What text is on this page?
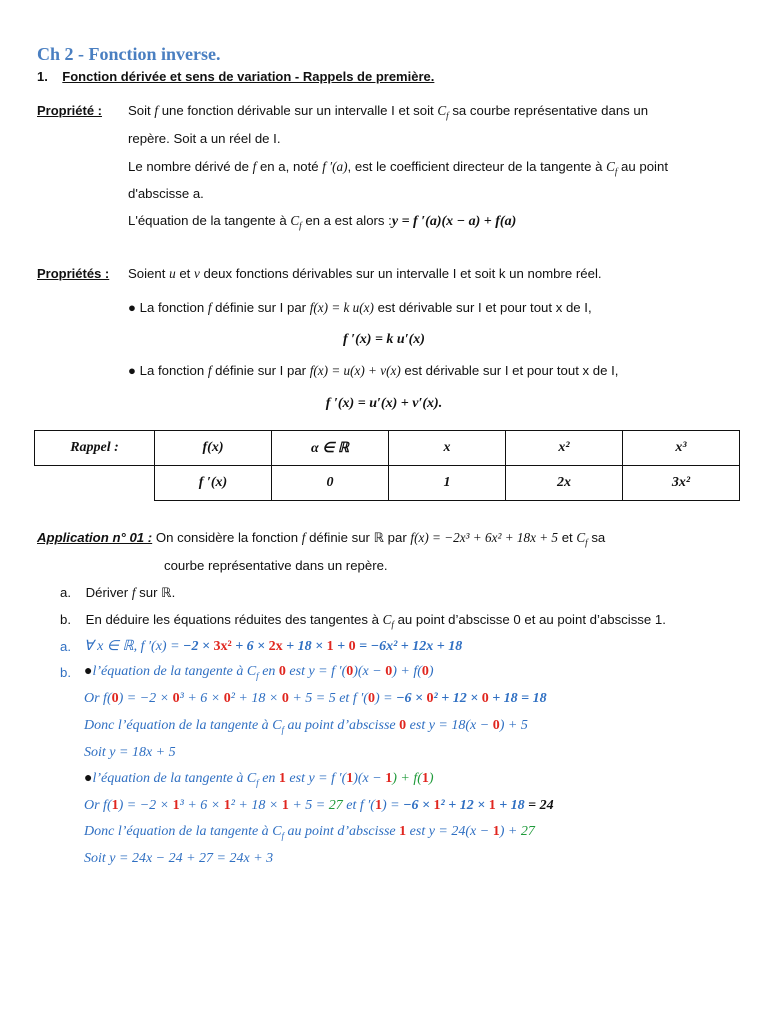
Ch 2 - Fonction inverse.
1. Fonction dérivée et sens de variation - Rappels de première.
Propriété : Soit f une fonction dérivable sur un intervalle I et soit $C_f$ sa courbe représentative dans un
repère. Soit a un réel de I.
Le nombre dérivé de f en a, noté f ′(a), est le coefficient directeur de la tangente à $C_f$ au point
d'abscisse a.
L'équation de la tangente à $C_f$ en a est alors :y = f ′(a)(x − a) + f(a)
Propriétés : Soient u et v deux fonctions dérivables sur un intervalle I et soit k un nombre réel.
● La fonction f définie sur I par f(x) = k u(x) est dérivable sur I et pour tout x de I,
f ′(x) = k u′(x)
● La fonction f définie sur I par f(x) = u(x) + v(x) est dérivable sur I et pour tout x de I,
f ′(x) = u′(x) + v′(x).
Rappel :	f(x)	α ∈ ℝ	x	x²	x³
	f ′(x)	0	1	2x	3x²
Application n° 01 : On considère la fonction f définie sur ℝ par f(x) = −2x³ + 6x² + 18x + 5 et $C_f$ sa
courbe représentative dans un repère.
a. Dériver f sur ℝ.
b. En déduire les équations réduites des tangentes à $C_f$ au point d’abscisse 0 et au point d’abscisse 1.
a. ∀ x ∈ ℝ, f ′(x) = −2 × 3x² + 6 × 2x + 18 × 1 + 0 = −6x² + 12x + 18
b. ●l’équation de la tangente à $C_f$ en 0 est y = f ′(0)(x − 0) + f(0)
Or f(0) = −2 × 0³ + 6 × 0² + 18 × 0 + 5 = 5 et f ′(0) = −6 × 0² + 12 × 0 + 18 = 18
Donc l’équation de la tangente à $C_f$ au point d’abscisse 0 est y = 18(x − 0) + 5
Soit y = 18x + 5
●l’équation de la tangente à $C_f$ en 1 est y = f ′(1)(x − 1) + f(1)
Or f(1) = −2 × 1³ + 6 × 1² + 18 × 1 + 5 = 27 et f ′(1) = −6 × 1² + 12 × 1 + 18 = 24
Donc l’équation de la tangente à $C_f$ au point d’abscisse 1 est y = 24(x − 1) + 27
Soit y = 24x − 24 + 27 = 24x + 3
